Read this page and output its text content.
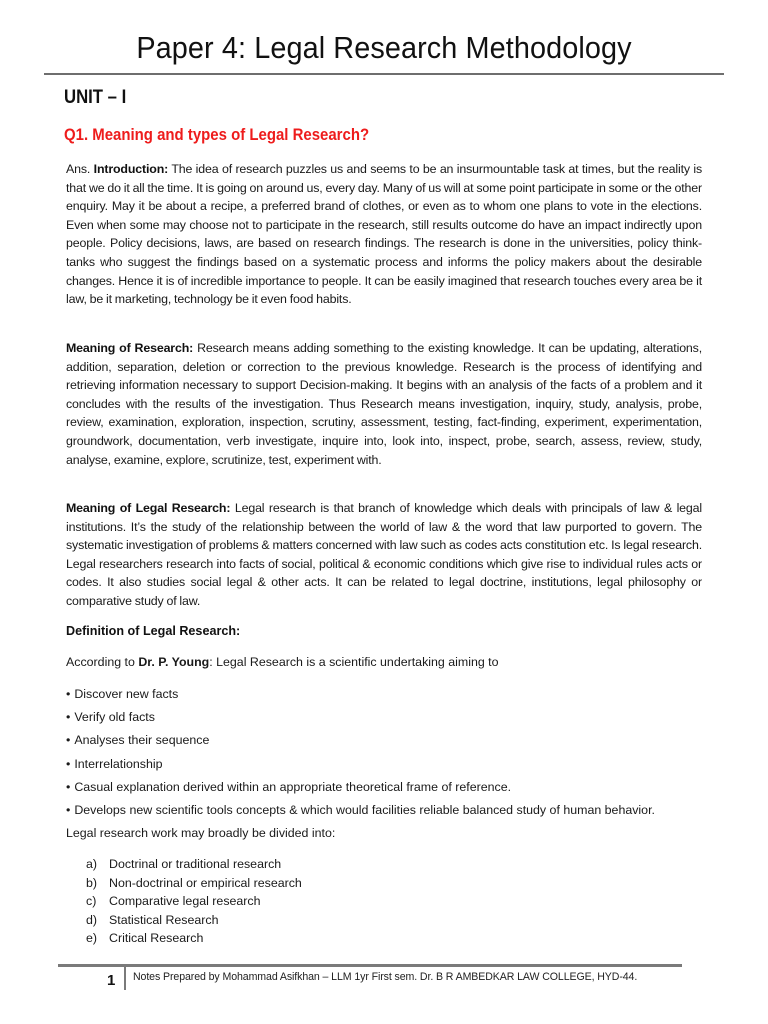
Paper 4: Legal Research Methodology
UNIT – I
Q1. Meaning and types of Legal Research?

Ans. Introduction: The idea of research puzzles us and seems to be an insurmountable task at times, but the reality is that we do it all the time. It is going on around us, every day. Many of us will at some point participate in some or the other enquiry. May it be about a recipe, a preferred brand of clothes, or even as to whom one plans to vote in the elections. Even when some may choose not to participate in the research, still results outcome do have an impact indirectly upon people. Policy decisions, laws, are based on research findings. The research is done in the universities, policy think-tanks who suggest the findings based on a systematic process and informs the policy makers about the desirable changes. Hence it is of incredible importance to people. It can be easily imagined that research touches every area be it law, be it marketing, technology be it even food habits.

Meaning of Research: Research means adding something to the existing knowledge. It can be updating, alterations, addition, separation, deletion or correction to the previous knowledge. Research is the process of identifying and retrieving information necessary to support Decision-making. It begins with an analysis of the facts of a problem and it concludes with the results of the investigation. Thus Research means investigation, inquiry, study, analysis, probe, review, examination, exploration, inspection, scrutiny, assessment, testing, fact-finding, experiment, experimentation, groundwork, documentation, verb investigate, inquire into, look into, inspect, probe, search, assess, review, study, analyse, examine, explore, scrutinize, test, experiment with.

Meaning of Legal Research: Legal research is that branch of knowledge which deals with principals of law & legal institutions. It’s the study of the relationship between the world of law & the word that law purported to govern. The systematic investigation of problems & matters concerned with law such as codes acts constitution etc. Is legal research. Legal researchers research into facts of social, political & economic conditions which give rise to individual rules acts or codes. It also studies social legal & other acts. It can be related to legal doctrine, institutions, legal philosophy or comparative study of law.

Definition of Legal Research:

According to Dr. P. Young: Legal Research is a scientific undertaking aiming to

• Discover new facts
• Verify old facts
• Analyses their sequence
• Interrelationship
• Casual explanation derived within an appropriate theoretical frame of reference.
• Develops new scientific tools concepts & which would facilities reliable balanced study of human behavior.

Legal research work may broadly be divided into:

a) Doctrinal or traditional research
b) Non-doctrinal or empirical research
c)	Comparative legal research
d) Statistical Research
e) Critical Research

1 Notes Prepared by Mohammad Asifkhan – LLM 1yr First sem. Dr. B R AMBEDKAR LAW COLLEGE, HYD-44.
